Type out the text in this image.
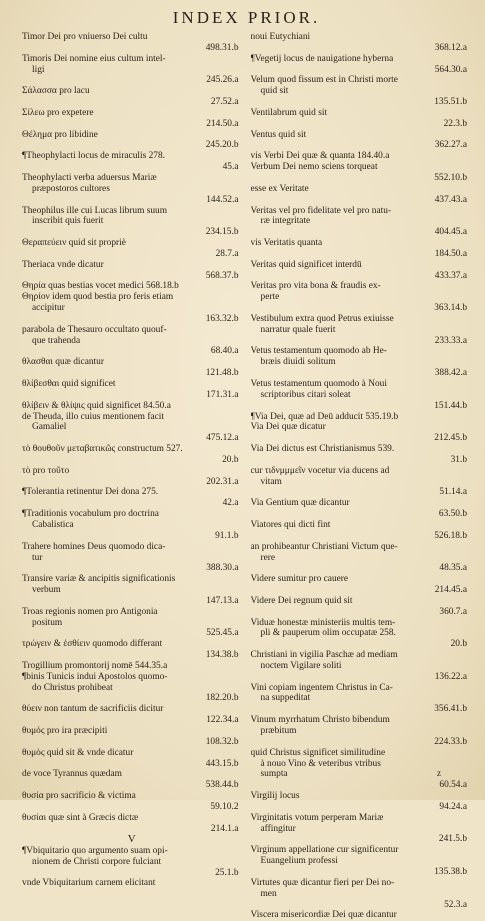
INDEX PRIOR.
Timor Dei pro vniuerso Dei cultu
498.31.b
Timoris Dei nomine eius cultum intel-
ligi
245.26.a
Σάλασσα pro lacu
27.52.a
Σίλεω pro expetere
214.50.a
Θέλημα pro libidine
245.20.b
¶Theophylacti locus de miraculis 278.
45.a
Theophylacti verba aduersus Mariæ
præpostoros cultores
144.52.a
Theophilus ille cui Lucas librum suum
inscribit quis fuerit
234.15.b
Θεραπεύειν quid sit propriè
28.7.a
Theriaca vnde dicatur
568.37.b
Θηρία quas bestias vocet medici 568.18.b
Θηρίον idem quod bestia pro feris etiam
accipitur
163.32.b
parabola de Thesauro occultato quouf-
que trahenda
68.40.a
θλασθαι quæ dicantur
121.48.b
θλίβεσθαι quid significet
171.31.a
θλίβειν & θλίψις quid significet 84.50.a
de Theuda, illo cuius mentionem facit
Gamaliel
475.12.a
τὸ θουθοῦν μεταβατικῶς constructum 527.
20.b
τὸ pro τοῦτο
202.31.a
¶Tolerantia retinentur Dei dona 275.
42.a
¶Traditionis vocabulum pro doctrina
Cabalistica
91.1.b
Trahere homines Deus quomodo dica-
tur
388.30.a
Transire variæ & ancipitis significationis
verbum
147.13.a
Troas regionis nomen pro Antigonia
positum
525.45.a
τρώγειν & ἐσθίειν quomodo differant
134.38.b
Trogillium promontorij nomē 544.35.a
¶binis Tunicis indui Apostolos quomo-
do Christus prohibeat
182.20.b
θύειν non tantum de sacrificiis dicitur
122.34.a
θυμός pro ira præcipiti
108.32.b
θυμὸς quid sit & vnde dicatur
443.15.b
de voce Tyrannus quædam
538.44.b
θυσία pro sacrificio & victima
59.10.2
θυσίαι quæ sint à Græcis dictæ
214.1.a
V
¶Vbiquitario quo argumento suam opi-
nionem de Christi corpore fulciant
25.1.b
vnde Vbiquitarium carnem elicitant
noui Eutychiani
368.12.a
¶Vegetij locus de nauigatione hyberna
564.30.a
Velum quod fissum est in Christi morte
quid sit
135.51.b
Ventilabrum quid sit
22.3.b
Ventus quid sit
362.27.a
vis Verbi Dei quæ & quanta 184.40.a
Verbum Dei nemo sciens torqueat
552.10.b
esse ex Veritate
437.43.a
Veritas vel pro fidelitate vel pro natu-
ræ integritate
404.45.a
vis Veritatis quanta
184.50.a
Veritas quid significet interdū
433.37.a
Veritas pro vita bona & fraudis ex-
perte
363.14.b
Vestibulum extra quod Petrus exiuisse
narratur quale fuerit
233.33.a
Vetus testamentum quomodo ab He-
bræis diuidi solitum
388.42.a
Vetus testamentum quomodo à Noui
scriptoribus citari soleat
151.44.b
¶Via Dei, quæ ad Deū adducit 535.19.b
Via Dei quæ dicatur
212.45.b
Via Dei dictus est Christianismus 539.
31.b
cur τιδνμμμεῖν vocetur via ducens ad
vitam
51.14.a
Via Gentium quæ dicantur
63.50.b
Viatores qui dicti fint
526.18.b
an prohibeantur Christiani Victum que-
rere
48.35.a
Videre sumitur pro cauere
214.45.a
Videre Dei regnum quid sit
360.7.a
Viduæ honestæ ministeriis multis tem-
pli & pauperum olim occupatæ 258.
20.b
Christiani in vigilia Paschæ ad mediam
noctem Vigilare soliti
136.22.a
Vini copiam ingentem Christus in Ca-
na suppeditat
356.41.b
Vinum myrrhatum Christo bibendum
præbitum
224.33.b
quid Christus significet similitudine
à nouo Vino & veteribus vtribus
sumpta
60.54.a
Virgilij locus
94.24.a
Virginitatis votum perperam Mariæ
affingitur
241.5.b
Virginum appellatione cur significentur
Euangelium professi
135.38.b
Virtutes quæ dicantur fieri per Dei no-
men
52.3.a
Viscera misericordiæ Dei quæ dicantur
z
